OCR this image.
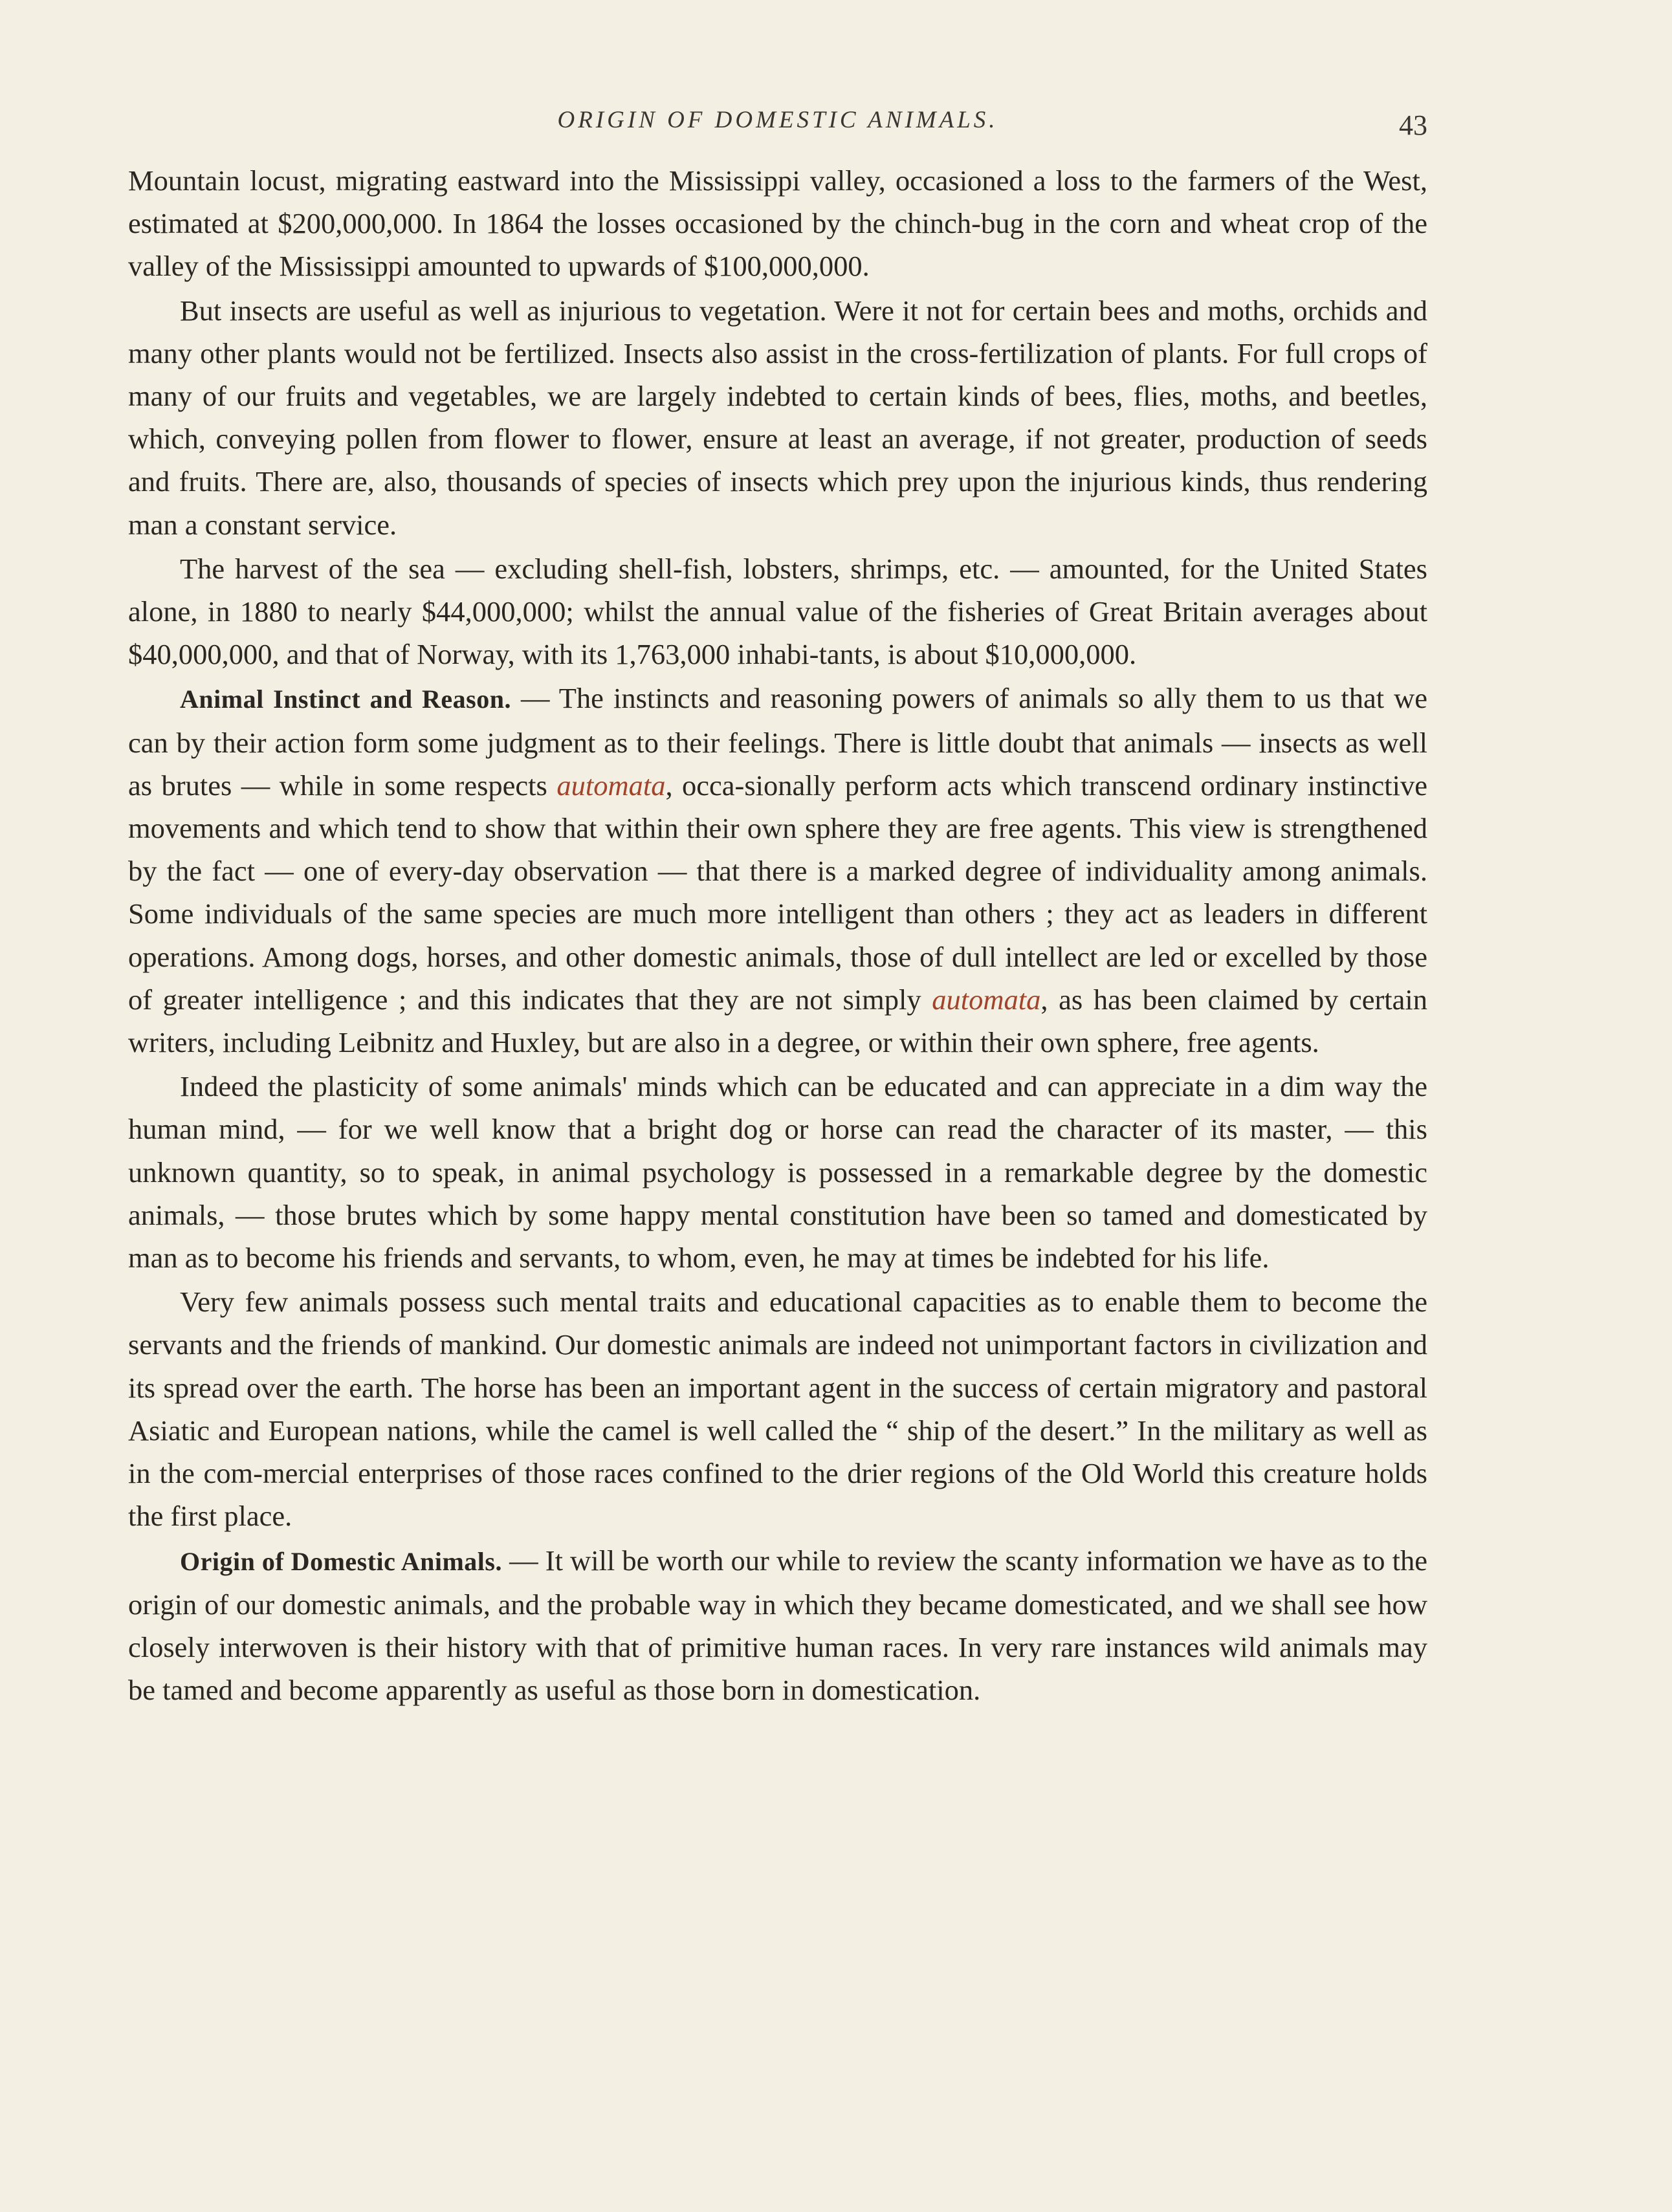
ORIGIN OF DOMESTIC ANIMALS.	43

Mountain locust, migrating eastward into the Mississippi valley, occasioned a loss to the farmers of the West, estimated at $200,000,000. In 1864 the losses occasioned by the chinch-bug in the corn and wheat crop of the valley of the Mississippi amounted to upwards of $100,000,000.

But insects are useful as well as injurious to vegetation. Were it not for certain bees and moths, orchids and many other plants would not be fertilized. Insects also assist in the cross-fertilization of plants. For full crops of many of our fruits and vegetables, we are largely indebted to certain kinds of bees, flies, moths, and beetles, which, conveying pollen from flower to flower, ensure at least an average, if not greater, production of seeds and fruits. There are, also, thousands of species of insects which prey upon the injurious kinds, thus rendering man a constant service.

The harvest of the sea — excluding shell-fish, lobsters, shrimps, etc. — amounted, for the United States alone, in 1880 to nearly $44,000,000; whilst the annual value of the fisheries of Great Britain averages about $40,000,000, and that of Norway, with its 1,763,000 inhabi-tants, is about $10,000,000.

Animal Instinct and Reason. — The instincts and reasoning powers of animals so ally them to us that we can by their action form some judgment as to their feelings. There is little doubt that animals — insects as well as brutes — while in some respects automata, occa-sionally perform acts which transcend ordinary instinctive movements and which tend to show that within their own sphere they are free agents. This view is strengthened by the fact — one of every-day observation — that there is a marked degree of individuality among animals. Some individuals of the same species are much more intelligent than others ; they act as leaders in different operations. Among dogs, horses, and other domestic animals, those of dull intellect are led or excelled by those of greater intelligence ; and this indicates that they are not simply automata, as has been claimed by certain writers, including Leibnitz and Huxley, but are also in a degree, or within their own sphere, free agents.

Indeed the plasticity of some animals' minds which can be educated and can appreciate in a dim way the human mind, — for we well know that a bright dog or horse can read the character of its master, — this unknown quantity, so to speak, in animal psychology is possessed in a remarkable degree by the domestic animals, — those brutes which by some happy mental constitution have been so tamed and domesticated by man as to become his friends and servants, to whom, even, he may at times be indebted for his life.

Very few animals possess such mental traits and educational capacities as to enable them to become the servants and the friends of mankind. Our domestic animals are indeed not unimportant factors in civilization and its spread over the earth. The horse has been an important agent in the success of certain migratory and pastoral Asiatic and European nations, while the camel is well called the “ ship of the desert.” In the military as well as in the com-mercial enterprises of those races confined to the drier regions of the Old World this creature holds the first place.

Origin of Domestic Animals. — It will be worth our while to review the scanty information we have as to the origin of our domestic animals, and the probable way in which they became domesticated, and we shall see how closely interwoven is their history with that of primitive human races. In very rare instances wild animals may be tamed and become apparently as useful as those born in domestication.
